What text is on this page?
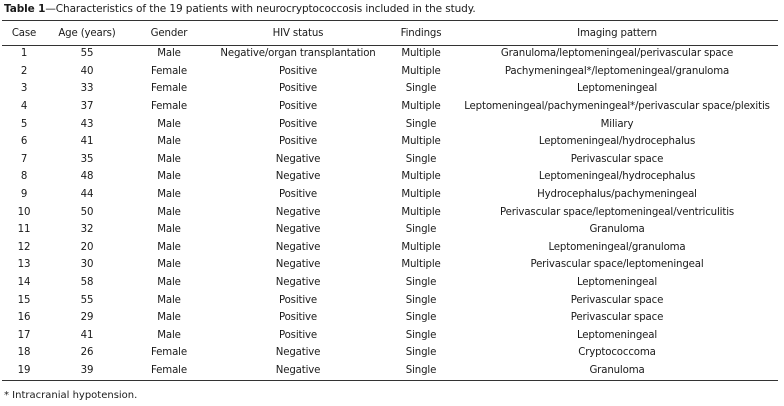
Table 1—Characteristics of the 19 patients with neurocryptococcosis included in the study.
Case	Age (years)	Gender	HIV status	Findings	Imaging pattern
1	55	Male	Negative/organ transplantation	Multiple	Granuloma/leptomeningeal/perivascular space
2	40	Female	Positive	Multiple	Pachymeningeal*/leptomeningeal/granuloma
3	33	Female	Positive	Single	Leptomeningeal
4	37	Female	Positive	Multiple	Leptomeningeal/pachymeningeal*/perivascular space/plexitis
5	43	Male	Positive	Single	Miliary
6	41	Male	Positive	Multiple	Leptomeningeal/hydrocephalus
7	35	Male	Negative	Single	Perivascular space
8	48	Male	Negative	Multiple	Leptomeningeal/hydrocephalus
9	44	Male	Positive	Multiple	Hydrocephalus/pachymeningeal
10	50	Male	Negative	Multiple	Perivascular space/leptomeningeal/ventriculitis
11	32	Male	Negative	Single	Granuloma
12	20	Male	Negative	Multiple	Leptomeningeal/granuloma
13	30	Male	Negative	Multiple	Perivascular space/leptomeningeal
14	58	Male	Negative	Single	Leptomeningeal
15	55	Male	Positive	Single	Perivascular space
16	29	Male	Positive	Single	Perivascular space
17	41	Male	Positive	Single	Leptomeningeal
18	26	Female	Negative	Single	Cryptococcoma
19	39	Female	Negative	Single	Granuloma
* Intracranial hypotension.
